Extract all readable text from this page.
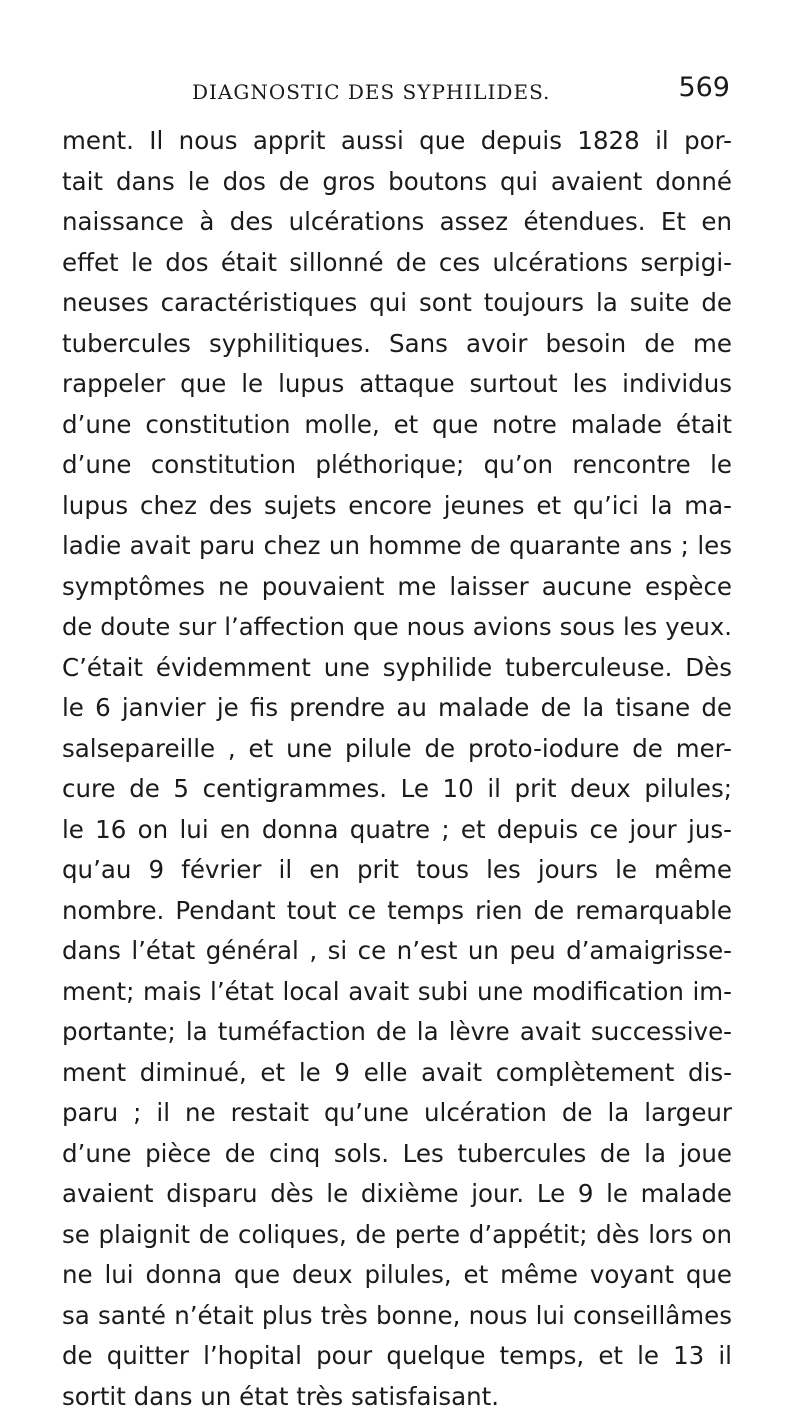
DIAGNOSTIC DES SYPHILIDES.	569
ment. Il nous apprit aussi que depuis 1828 il por-
tait dans le dos de gros boutons qui avaient donné
naissance à des ulcérations assez étendues. Et en
effet le dos était sillonné de ces ulcérations serpigi-
neuses caractéristiques qui sont toujours la suite de
tubercules syphilitiques. Sans avoir besoin de me
rappeler que le lupus attaque surtout les individus
d’une constitution molle, et que notre malade était
d’une constitution pléthorique; qu’on rencontre le
lupus chez des sujets encore jeunes et qu’ici la ma-
ladie avait paru chez un homme de quarante ans ; les
symptômes ne pouvaient me laisser aucune espèce
de doute sur l’affection que nous avions sous les yeux.
C’était évidemment une syphilide tuberculeuse. Dès
le 6 janvier je fis prendre au malade de la tisane de
salsepareille , et une pilule de proto-iodure de mer-
cure de 5 centigrammes. Le 10 il prit deux pilules;
le 16 on lui en donna quatre ; et depuis ce jour jus-
qu’au 9 février il en prit tous les jours le même
nombre. Pendant tout ce temps rien de remarquable
dans l’état général , si ce n’est un peu d’amaigrisse-
ment; mais l’état local avait subi une modification im-
portante; la tuméfaction de la lèvre avait successive-
ment diminué, et le 9 elle avait complètement dis-
paru ; il ne restait qu’une ulcération de la largeur
d’une pièce de cinq sols. Les tubercules de la joue
avaient disparu dès le dixième jour. Le 9 le malade
se plaignit de coliques, de perte d’appétit; dès lors on
ne lui donna que deux pilules, et même voyant que
sa santé n’était plus très bonne, nous lui conseillâmes
de quitter l’hopital pour quelque temps, et le 13 il
sortit dans un état très satisfaisant.
